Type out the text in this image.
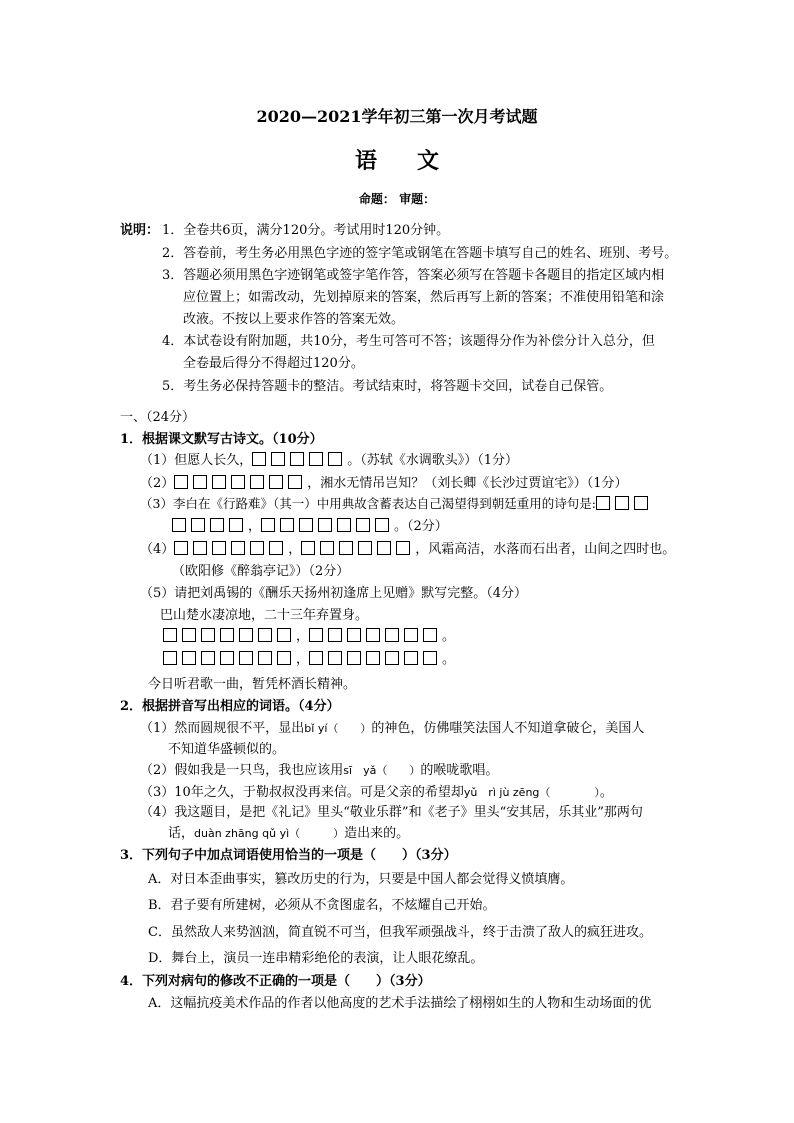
2020—2021学年初三第一次月考试题
语文
命题： 审题：
说明： 1．全卷共6页，满分120分。考试用时120分钟。
2．答卷前，考生务必用黑色字迹的签字笔或钢笔在答题卡填写自己的姓名、班别、考号。
3．答题必须用黑色字迹钢笔或签字笔作答，答案必须写在答题卡各题目的指定区域内相
应位置上；如需改动，先划掉原来的答案，然后再写上新的答案；不准使用铅笔和涂
改液。不按以上要求作答的答案无效。
4．本试卷设有附加题，共10分，考生可答可不答；该题得分作为补偿分计入总分，但
全卷最后得分不得超过120分。
5．考生务必保持答题卡的整洁。考试结束时，将答题卡交回，试卷自己保管。
一、（24分）
1．根据课文默写古诗文。（10分）
（1）但愿人长久，	。（苏轼《水调歌头》）（1分）
（2）	，湘水无情吊岂知？（刘长卿《长沙过贾谊宅》）（1分）
（3）李白在《行路难》（其一）中用典故含蓄表达自己渴望得到朝廷重用的诗句是:
，	。（2分）
（4）	，	，风霜高洁，水落而石出者，山间之四时也。
（欧阳修《醉翁亭记》）（2分）
（5）请把刘禹锡的《酬乐天扬州初逢席上见赠》默写完整。（4分）
巴山楚水凄凉地，二十三年弃置身。
，	。
，	。
今日听君歌一曲，暂凭杯酒长精神。
2．根据拼音写出相应的词语。（4分）
（1）然而圆规很不平，显出bǐ yí（　　）的神色，仿佛嗤笑法国人不知道拿破仑，美国人
不知道华盛顿似的。
（2）假如我是一只鸟，我也应该用sī　yǎ（　　）的喉咙歌唱。
（3）10年之久，于勒叔叔没再来信。可是父亲的希望却yǔ　rì jù zēng（　　　　）。
（4）我这题目，是把《礼记》里头“敬业乐群”和《老子》里头“安其居，乐其业”那两句
话，duàn zhāng qǔ yì（　　　）造出来的。
3．下列句子中加点词语使用恰当的一项是（　　）（3分）
A．对日本歪曲事实，篡改历史的行为，只要是中国人都会觉得义愤填膺。
B．君子要有所建树，必须从不贪图虚名，不炫耀自己开始。
C．虽然敌人来势汹汹，简直锐不可当，但我军顽强战斗，终于击溃了敌人的疯狂进攻。
D．舞台上，演员一连串精彩绝伦的表演，让人眼花缭乱。
4．下列对病句的修改不正确的一项是（　　）（3分）
A．这幅抗疫美术作品的作者以他高度的艺术手法描绘了栩栩如生的人物和生动场面的优
